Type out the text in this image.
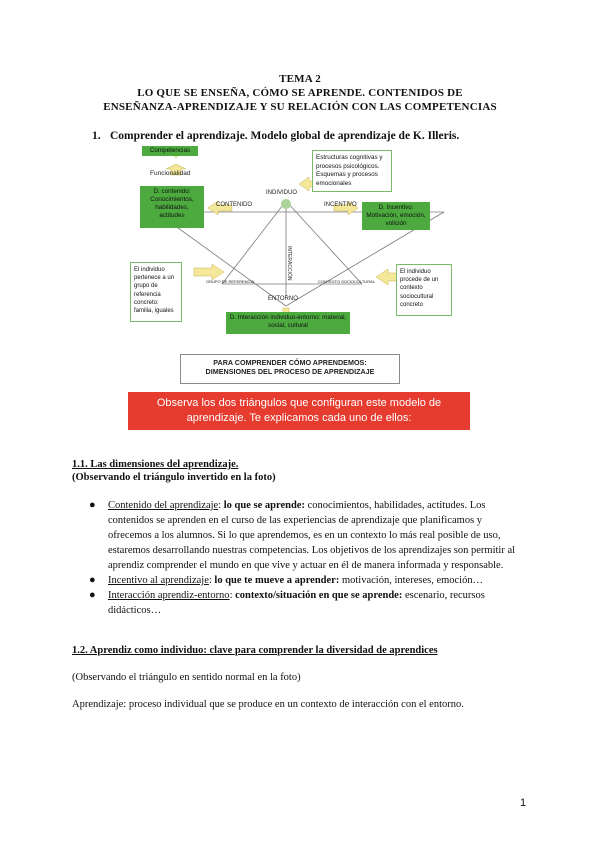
TEMA 2
LO QUE SE ENSEÑA, CÓMO SE APRENDE. CONTENIDOS DE
ENSEÑANZA-APRENDIZAJE Y SU RELACIÓN CON LAS COMPETENCIAS
1. Comprender el aprendizaje. Modelo global de aprendizaje de K. Illeris.
INTERACCIÓN
Competencias
Funcionalidad
D. contenido: Conocimientos, habilidades, actitudes
Estructuras cognitivas y procesos psicológicos. Esquemas y procesos emocionales
D. Incentivo: Motivación, emoción, volición
El individuo pertenece a un grupo de referencia concreto: familia, iguales
El individuo procede de un contexto sociocultural concreto
D. Interacción individuo-entorno: material, social, cultural
INDIVIDUO
CONTENIDO	INCENTIVO
ENTORNO
GRUPO DE REFERENCIA	CONTEXTO SOCIOCULTURAL
PARA COMPRENDER CÓMO APRENDEMOS:
DIMENSIONES DEL PROCESO DE APRENDIZAJE
Observa los dos triángulos que configuran este modelo de aprendizaje. Te explicamos cada uno de ellos:
1.1. Las dimensiones del aprendizaje.
(Observando el triángulo invertido en la foto)
● Contenido del aprendizaje: lo que se aprende: conocimientos, habilidades, actitudes. Los contenidos se aprenden en el curso de las experiencias de aprendizaje que planificamos y ofrecemos a los alumnos. Si lo que aprendemos, es en un contexto lo más real posible de uso, estaremos desarrollando nuestras competencias. Los objetivos de los aprendizajes son permitir al aprendiz comprender el mundo en que vive y actuar en él de manera informada y responsable.
● Incentivo al aprendizaje: lo que te mueve a aprender: motivación, intereses, emoción…
● Interacción aprendiz-entorno: contexto/situación en que se aprende: escenario, recursos didácticos…
1.2. Aprendiz como individuo: clave para comprender la diversidad de aprendices
(Observando el triángulo en sentido normal en la foto)
Aprendizaje: proceso individual que se produce en un contexto de interacción con el entorno.
1
